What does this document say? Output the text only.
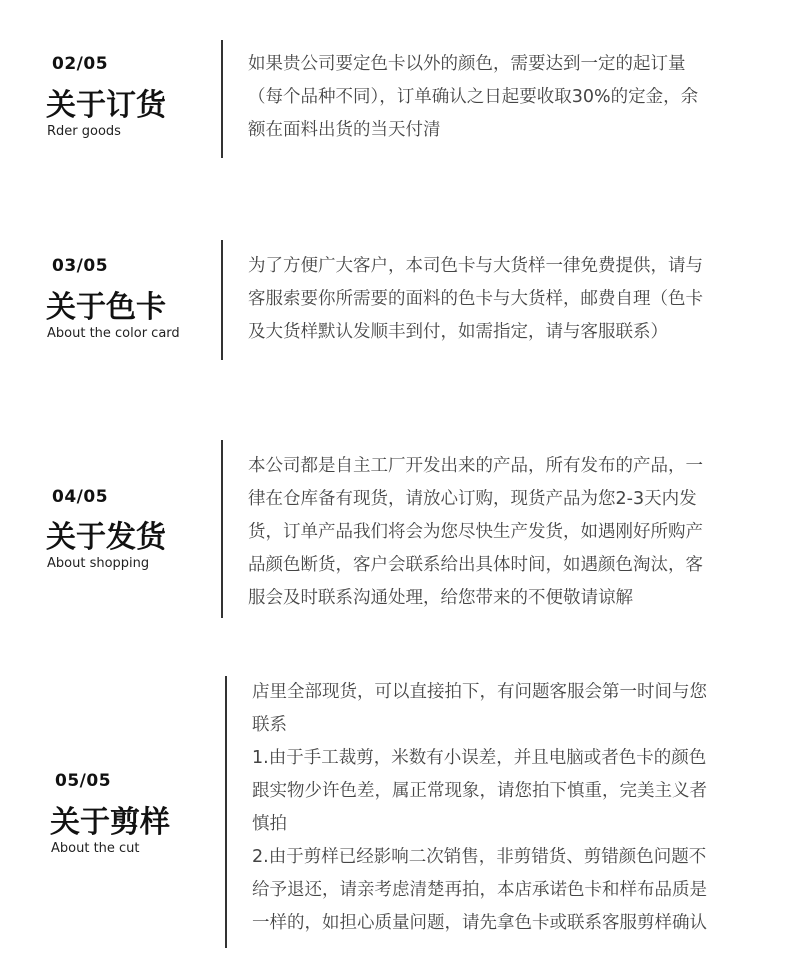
02/05
关于订货
Rder goods

如果贵公司要定色卡以外的颜色，需要达到一定的起订量

（每个品种不同），订单确认之日起要收取30%的定金，余

额在面料出货的当天付清

03/05
关于色卡
About the color card

为了方便广大客户，本司色卡与大货样一律免费提供，请与

客服索要你所需要的面料的色卡与大货样，邮费自理（色卡

及大货样默认发顺丰到付，如需指定，请与客服联系）

04/05
关于发货
About shopping

本公司都是自主工厂开发出来的产品，所有发布的产品，一

律在仓库备有现货，请放心订购，现货产品为您2-3天内发

货，订单产品我们将会为您尽快生产发货，如遇刚好所购产

品颜色断货，客户会联系给出具体时间，如遇颜色淘汰，客

服会及时联系沟通处理，给您带来的不便敬请谅解

05/05
关于剪样
About the cut

店里全部现货，可以直接拍下，有问题客服会第一时间与您

联系

1.由于手工裁剪，米数有小误差，并且电脑或者色卡的颜色

跟实物少许色差，属正常现象，请您拍下慎重，完美主义者

慎拍

2.由于剪样已经影响二次销售，非剪错货、剪错颜色问题不

给予退还，请亲考虑清楚再拍，本店承诺色卡和样布品质是

一样的，如担心质量问题，请先拿色卡或联系客服剪样确认
